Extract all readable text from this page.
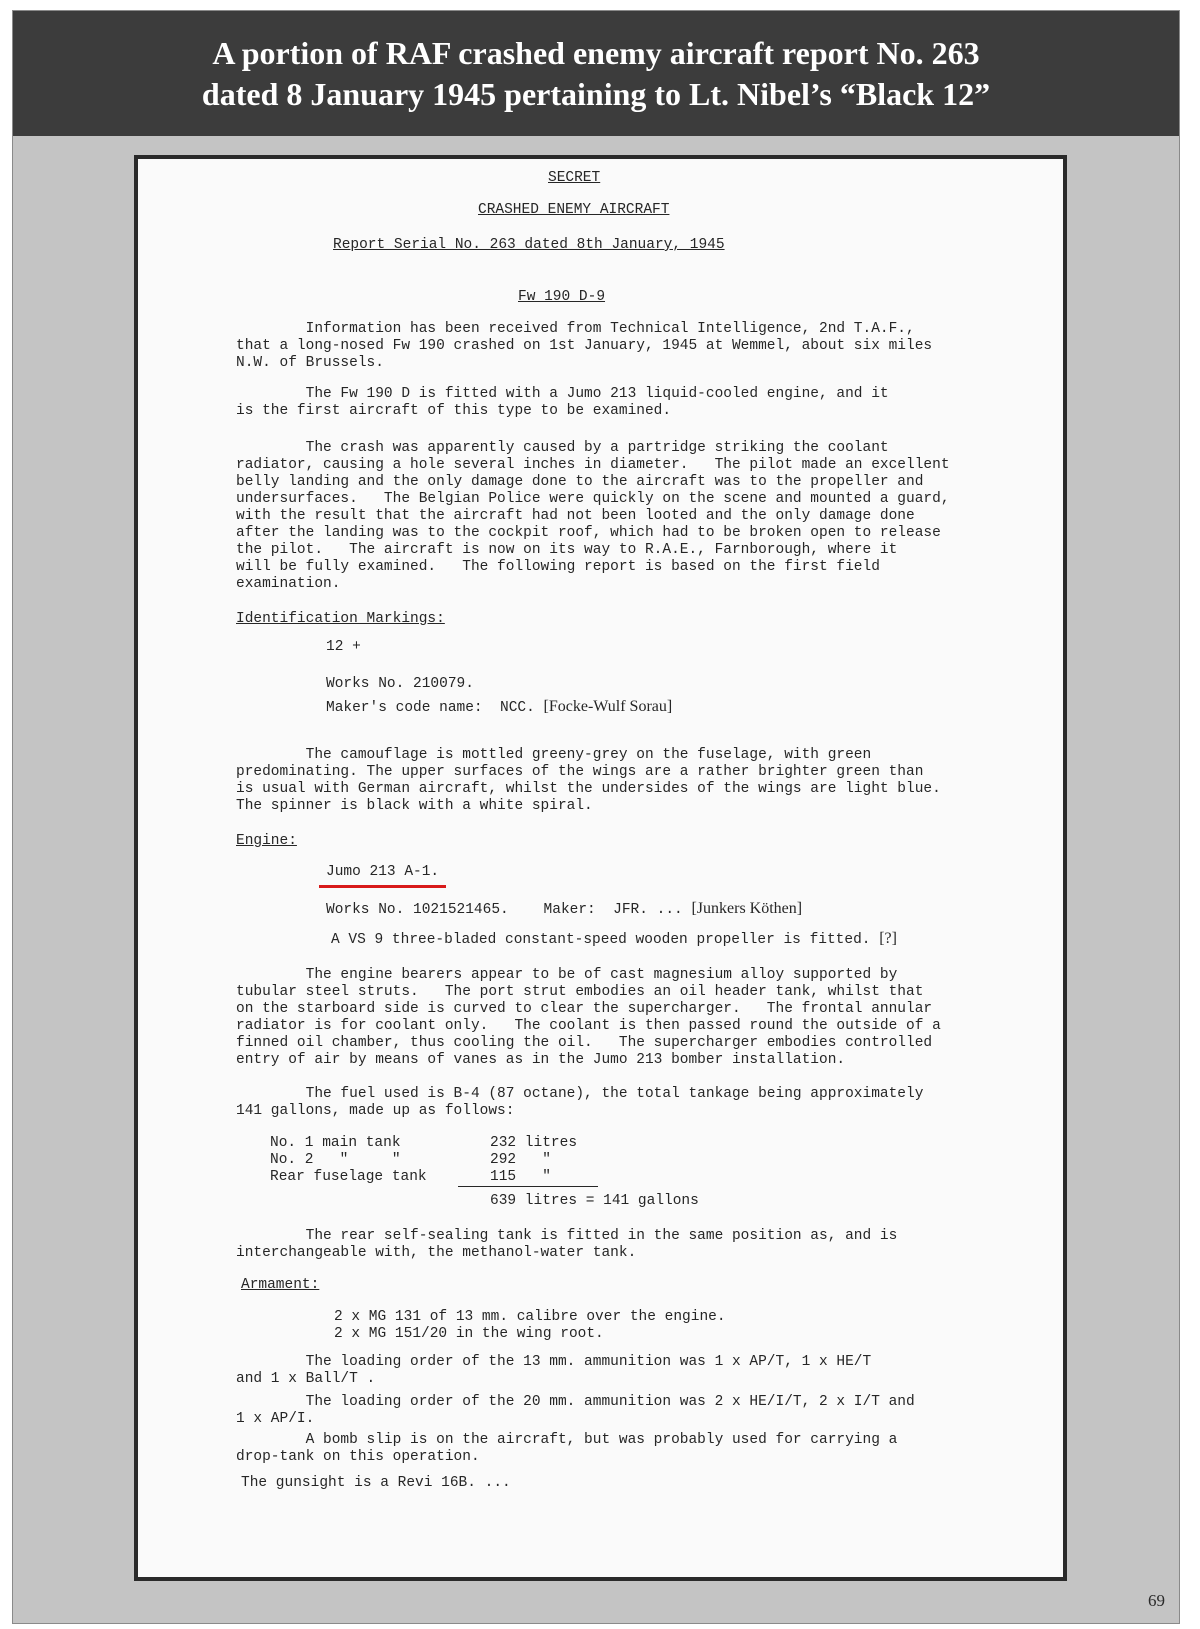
A portion of RAF crashed enemy aircraft report No. 263
dated 8 January 1945 pertaining to Lt. Nibel’s “Black 12”
SECRET
CRASHED ENEMY AIRCRAFT
Report Serial No. 263 dated 8th January, 1945
Fw 190 D-9
Information has been received from Technical Intelligence, 2nd T.A.F.,
that a long-nosed Fw 190 crashed on 1st January, 1945 at Wemmel, about six miles
N.W. of Brussels.
The Fw 190 D is fitted with a Jumo 213 liquid-cooled engine, and it
is the first aircraft of this type to be examined.
The crash was apparently caused by a partridge striking the coolant
radiator, causing a hole several inches in diameter.   The pilot made an excellent
belly landing and the only damage done to the aircraft was to the propeller and
undersurfaces.   The Belgian Police were quickly on the scene and mounted a guard,
with the result that the aircraft had not been looted and the only damage done
after the landing was to the cockpit roof, which had to be broken open to release
the pilot.   The aircraft is now on its way to R.A.E., Farnborough, where it
will be fully examined.   The following report is based on the first field
examination.
Identification Markings:
12 +
Works No. 210079.
Maker's code name:  NCC. [Focke-Wulf Sorau]
The camouflage is mottled greeny-grey on the fuselage, with green
predominating. The upper surfaces of the wings are a rather brighter green than
is usual with German aircraft, whilst the undersides of the wings are light blue.
The spinner is black with a white spiral.
Engine:
Jumo 213 A-1.
Works No. 1021521465.    Maker:  JFR. ... [Junkers Köthen]
A VS 9 three-bladed constant-speed wooden propeller is fitted. [?]
The engine bearers appear to be of cast magnesium alloy supported by
tubular steel struts.   The port strut embodies an oil header tank, whilst that
on the starboard side is curved to clear the supercharger.   The frontal annular
radiator is for coolant only.   The coolant is then passed round the outside of a
finned oil chamber, thus cooling the oil.   The supercharger embodies controlled
entry of air by means of vanes as in the Jumo 213 bomber installation.
The fuel used is B-4 (87 octane), the total tankage being approximately
141 gallons, made up as follows:
No. 1 main tank	232 litres
No. 2   "     "	292   "
Rear fuselage tank	115   "
639 litres = 141 gallons
The rear self-sealing tank is fitted in the same position as, and is
interchangeable with, the methanol-water tank.
Armament:
2 x MG 131 of 13 mm. calibre over the engine.
2 x MG 151/20 in the wing root.
The loading order of the 13 mm. ammunition was 1 x AP/T, 1 x HE/T
and 1 x Ball/T .
The loading order of the 20 mm. ammunition was 2 x HE/I/T, 2 x I/T and
1 x AP/I.
A bomb slip is on the aircraft, but was probably used for carrying a
drop-tank on this operation.
The gunsight is a Revi 16B. ...
69
